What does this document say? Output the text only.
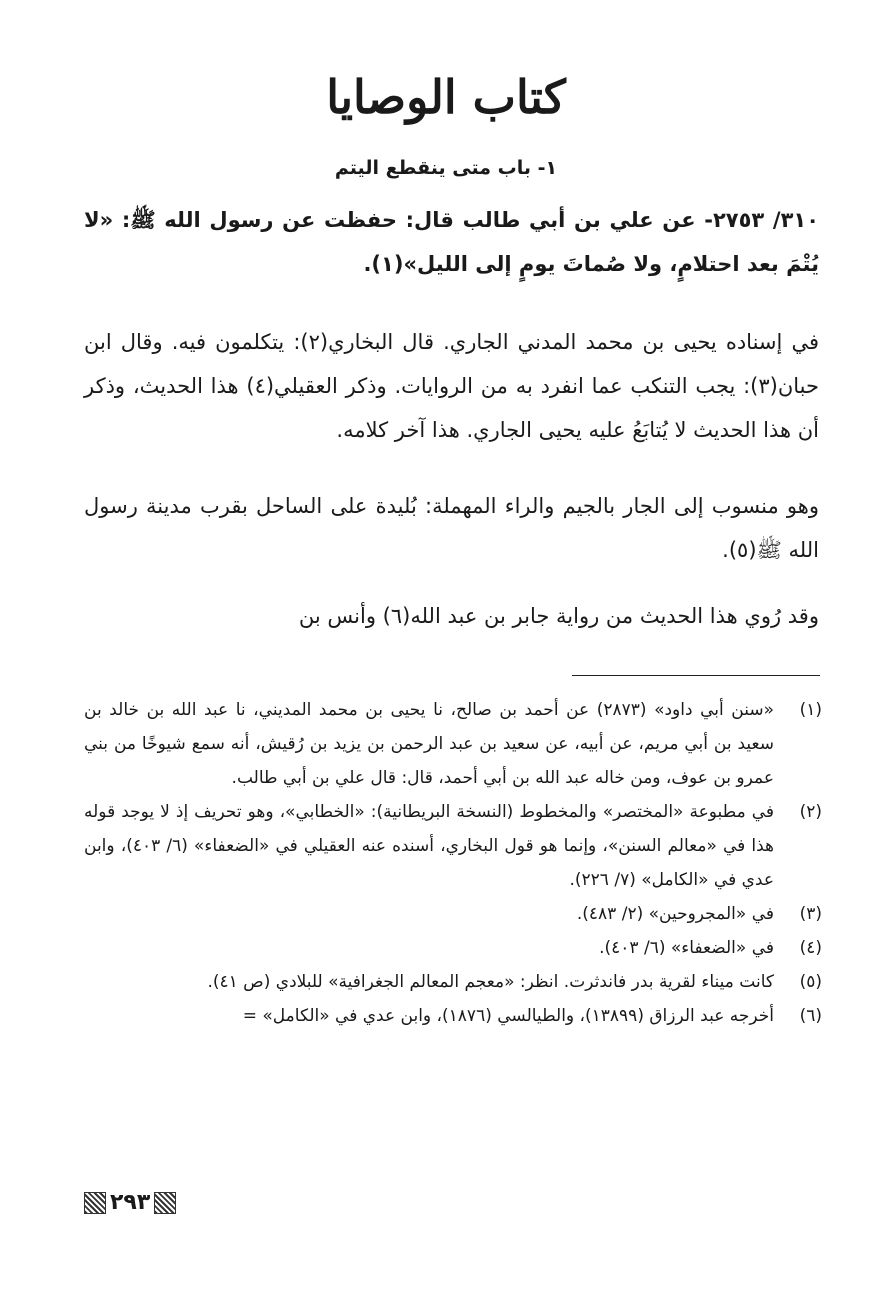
كتاب الوصايا
١- باب متى ينقطع اليتم

٣١٠/ ٢٧٥٣- عن علي بن أبي طالب قال: حفظت عن رسول الله ﷺ: «لا يُتْمَ بعد احتلامٍ، ولا صُماتَ يومٍ إلى الليل»(١).

في إسناده يحيى بن محمد المدني الجاري. قال البخاري(٢): يتكلمون فيه. وقال ابن حبان(٣): يجب التنكب عما انفرد به من الروايات. وذكر العقيلي(٤) هذا الحديث، وذكر أن هذا الحديث لا يُتابَعُ عليه يحيى الجاري. هذا آخر كلامه.

وهو منسوب إلى الجار بالجيم والراء المهملة: بُليدة على الساحل بقرب مدينة رسول الله ﷺ(٥).

وقد رُوي هذا الحديث من رواية جابر بن عبد الله(٦) وأنس بن

(١)
«سنن أبي داود» (٢٨٧٣) عن أحمد بن صالح، نا يحيى بن محمد المديني، نا عبد الله بن خالد بن سعيد بن أبي مريم، عن أبيه، عن سعيد بن عبد الرحمن بن يزيد بن رُقيش، أنه سمع شيوخًا من بني عمرو بن عوف، ومن خاله عبد الله بن أبي أحمد، قال: قال علي بن أبي طالب.
(٢)
في مطبوعة «المختصر» والمخطوط (النسخة البريطانية): «الخطابي»، وهو تحريف إذ لا يوجد قوله هذا في «معالم السنن»، وإنما هو قول البخاري، أسنده عنه العقيلي في «الضعفاء» (٦/ ٤٠٣)، وابن عدي في «الكامل» (٧/ ٢٢٦).
(٣)
في «المجروحين» (٢/ ٤٨٣).
(٤)
في «الضعفاء» (٦/ ٤٠٣).
(٥)
كانت ميناء لقرية بدر فاندثرت. انظر: «معجم المعالم الجغرافية» للبلادي (ص ٤١).
(٦)
أخرجه عبد الرزاق (١٣٨٩٩)، والطيالسي (١٨٧٦)، وابن عدي في «الكامل» =
٢٩٣
